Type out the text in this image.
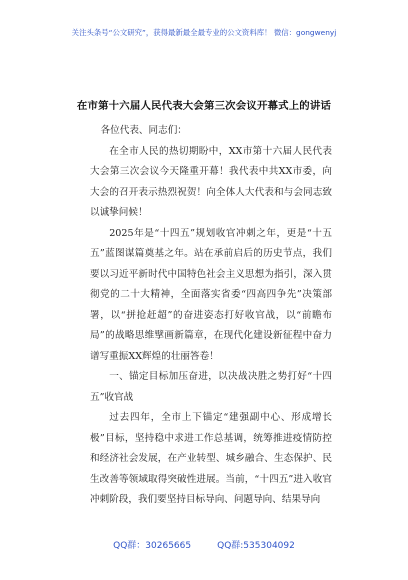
关注头条号“公文研究”，获得最新最全最专业的公文资料库！ 微信：gongwenyj
在市第十六届人民代表大会第三次会议开幕式上的讲话

各位代表、同志们：

在全市人民的热切期盼中，XX市第十六届人民代表大会第三次会议今天隆重开幕！我代表中共XX市委，向大会的召开表示热烈祝贺！向全体人大代表和与会同志致以诚挚问候！

2025年是“十四五”规划收官冲刺之年，更是“十五五”蓝图谋篇奠基之年。站在承前启后的历史节点，我们要以习近平新时代中国特色社会主义思想为指引，深入贯彻党的二十大精神，全面落实省委“四高四争先”决策部署，以“拼抢赶超”的奋进姿态打好收官战，以“前瞻布局”的战略思维擘画新篇章，在现代化建设新征程中奋力谱写重振XX辉煌的壮丽答卷！

一、锚定目标加压奋进，以决战决胜之势打好“十四五”收官战

过去四年，全市上下锚定“建强副中心、形成增长极”目标，坚持稳中求进工作总基调，统筹推进疫情防控和经济社会发展，在产业转型、城乡融合、生态保护、民生改善等领域取得突破性进展。当前，“十四五”进入收官冲刺阶段，我们要坚持目标导向、问题导向、结果导向

QQ群：30265665	QQ群:535304092
